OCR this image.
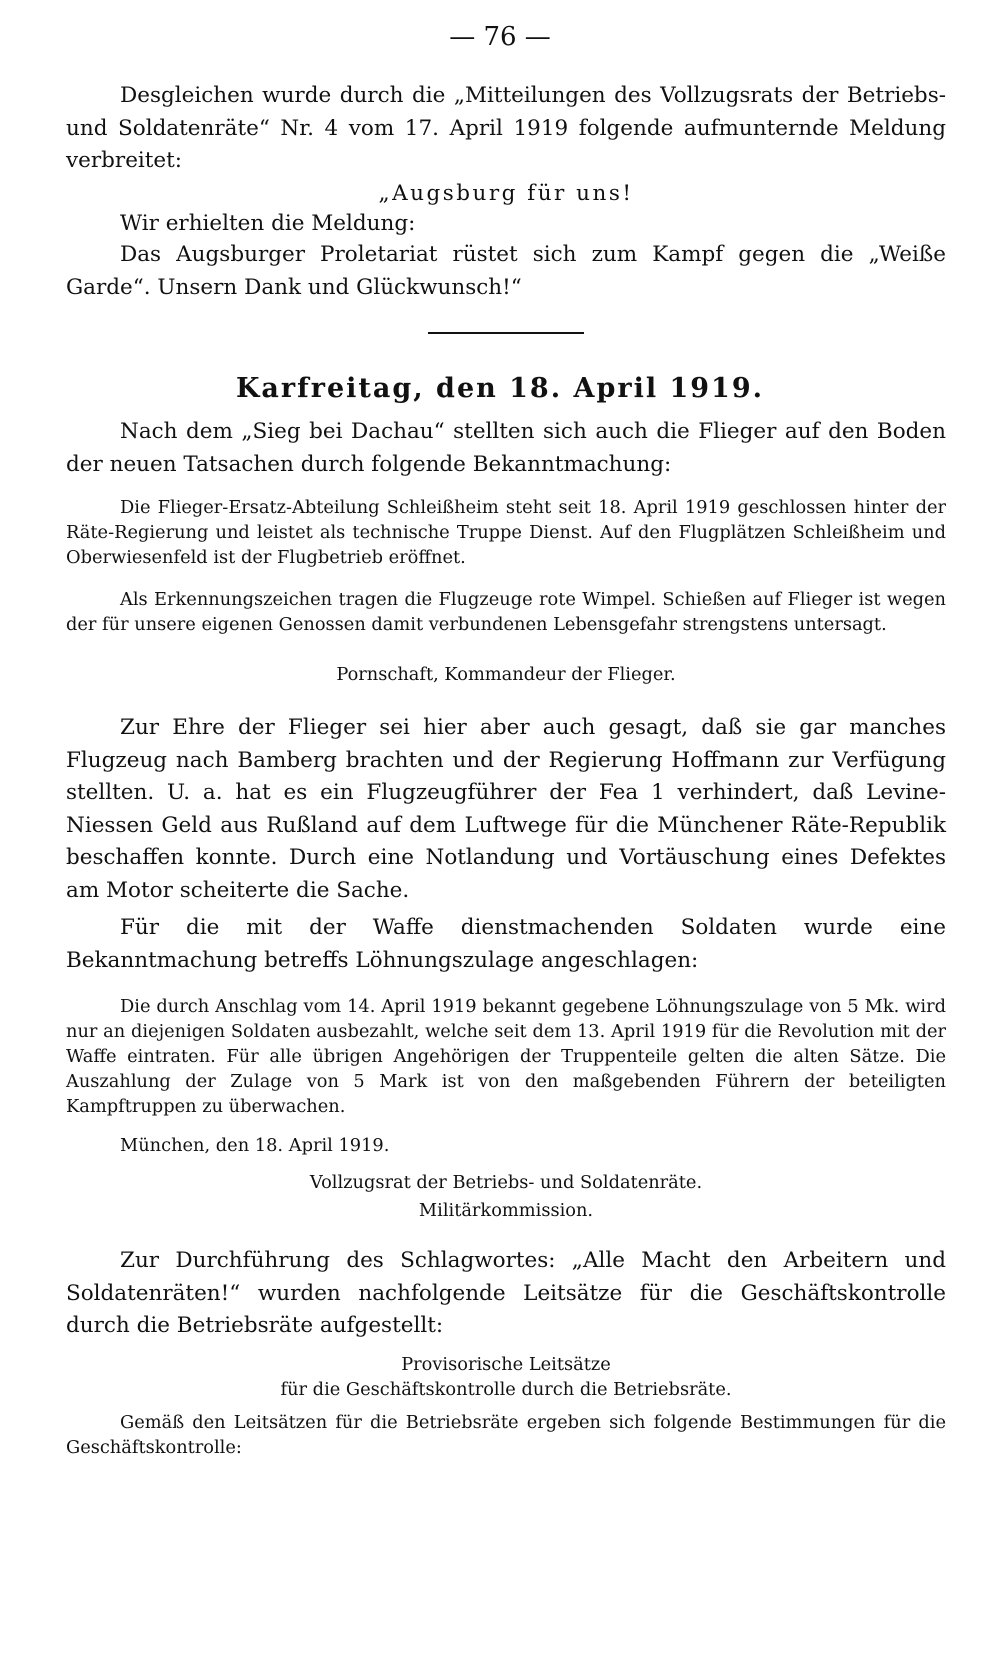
— 76 —

Desgleichen wurde durch die „Mitteilungen des Vollzugsrats der Betriebs- und Soldatenräte“ Nr. 4 vom 17. April 1919 folgende aufmunternde Meldung verbreitet:

„Augsburg für uns!

Wir erhielten die Meldung:

Das Augsburger Proletariat rüstet sich zum Kampf gegen die „Weiße Garde“. Unsern Dank und Glückwunsch!“

Karfreitag, den 18. April 1919.

Nach dem „Sieg bei Dachau“ stellten sich auch die Flieger auf den Boden der neuen Tatsachen durch folgende Bekanntmachung:

Die Flieger-Ersatz-Abteilung Schleißheim steht seit 18. April 1919 geschlossen hinter der Räte-Regierung und leistet als technische Truppe Dienst. Auf den Flugplätzen Schleißheim und Oberwiesenfeld ist der Flugbetrieb eröffnet.

Als Erkennungszeichen tragen die Flugzeuge rote Wimpel. Schießen auf Flieger ist wegen der für unsere eigenen Genossen damit verbundenen Lebensgefahr strengstens untersagt.

Pornschaft, Kommandeur der Flieger.

Zur Ehre der Flieger sei hier aber auch gesagt, daß sie gar manches Flugzeug nach Bamberg brachten und der Regierung Hoffmann zur Verfügung stellten. U. a. hat es ein Flugzeugführer der Fea 1 verhindert, daß Levine-Niessen Geld aus Rußland auf dem Luftwege für die Münchener Räte-Republik beschaffen konnte. Durch eine Notlandung und Vortäuschung eines Defektes am Motor scheiterte die Sache.

Für die mit der Waffe dienstmachenden Soldaten wurde eine Bekanntmachung betreffs Löhnungszulage angeschlagen:

Die durch Anschlag vom 14. April 1919 bekannt gegebene Löhnungszulage von 5 Mk. wird nur an diejenigen Soldaten ausbezahlt, welche seit dem 13. April 1919 für die Revolution mit der Waffe eintraten. Für alle übrigen Angehörigen der Truppenteile gelten die alten Sätze. Die Auszahlung der Zulage von 5 Mark ist von den maßgebenden Führern der beteiligten Kampftruppen zu überwachen.

München, den 18. April 1919.

Vollzugsrat der Betriebs- und Soldatenräte.

Militärkommission.

Zur Durchführung des Schlagwortes: „Alle Macht den Arbeitern und Soldatenräten!“ wurden nachfolgende Leitsätze für die Geschäftskontrolle durch die Betriebsräte aufgestellt:

Provisorische Leitsätze

für die Geschäftskontrolle durch die Betriebsräte.

Gemäß den Leitsätzen für die Betriebsräte ergeben sich folgende Bestimmungen für die Geschäftskontrolle:
